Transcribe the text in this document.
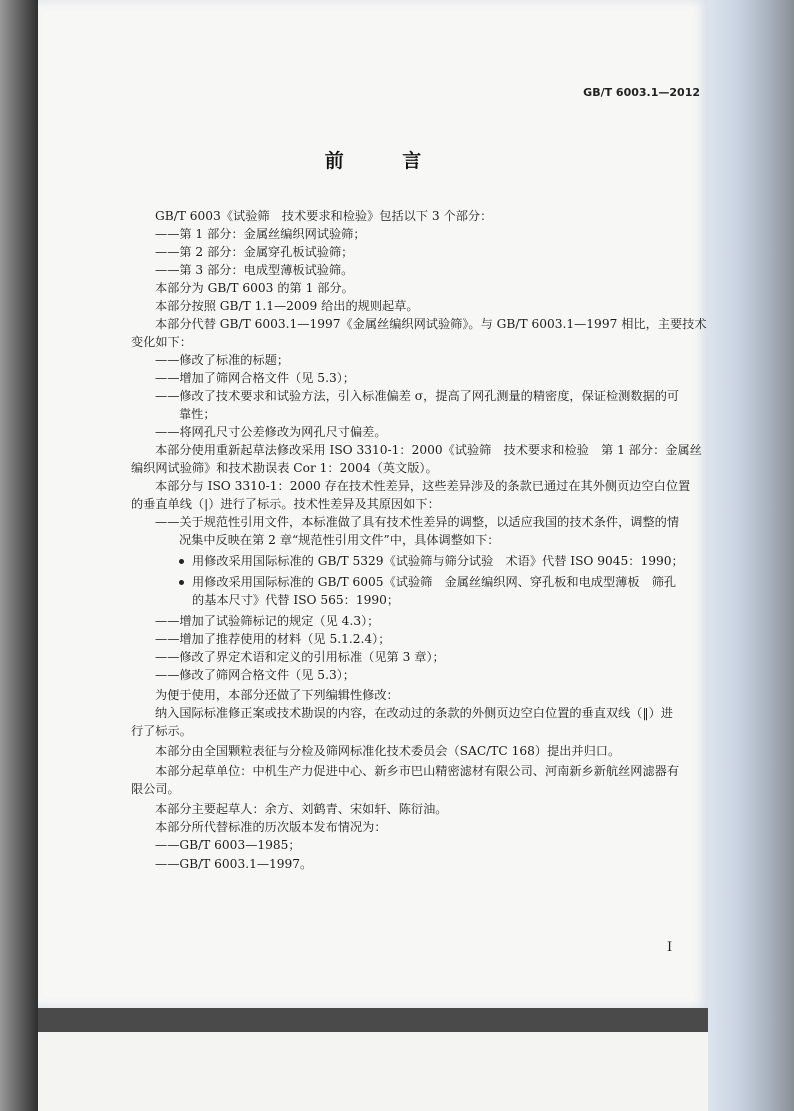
GB/T 6003.1—2012
前 言
GB/T 6003《试验筛　技术要求和检验》包括以下 3 个部分：
——第 1 部分：金属丝编织网试验筛；
——第 2 部分：金属穿孔板试验筛；
——第 3 部分：电成型薄板试验筛。
本部分为 GB/T 6003 的第 1 部分。
本部分按照 GB/T 1.1—2009 给出的规则起草。
本部分代替 GB/T 6003.1—1997《金属丝编织网试验筛》。与 GB/T 6003.1—1997 相比，主要技术
变化如下：
——修改了标准的标题；
——增加了筛网合格文件（见 5.3）；
——修改了技术要求和试验方法，引入标准偏差 σ，提高了网孔测量的精密度，保证检测数据的可
靠性；
——将网孔尺寸公差修改为网孔尺寸偏差。
本部分使用重新起草法修改采用 ISO 3310-1：2000《试验筛　技术要求和检验　第 1 部分：金属丝
编织网试验筛》和技术勘误表 Cor 1：2004（英文版）。
本部分与 ISO 3310-1：2000 存在技术性差异，这些差异涉及的条款已通过在其外侧页边空白位置
的垂直单线（|）进行了标示。技术性差异及其原因如下：
——关于规范性引用文件，本标准做了具有技术性差异的调整，以适应我国的技术条件，调整的情
况集中反映在第 2 章“规范性引用文件”中，具体调整如下：
用修改采用国际标准的 GB/T 5329《试验筛与筛分试验　术语》代替 ISO 9045：1990；
用修改采用国际标准的 GB/T 6005《试验筛　金属丝编织网、穿孔板和电成型薄板　筛孔
的基本尺寸》代替 ISO 565：1990；
——增加了试验筛标记的规定（见 4.3）；
——增加了推荐使用的材料（见 5.1.2.4）；
——修改了界定术语和定义的引用标准（见第 3 章）；
——修改了筛网合格文件（见 5.3）；
为便于使用，本部分还做了下列编辑性修改：
纳入国际标准修正案或技术勘误的内容，在改动过的条款的外侧页边空白位置的垂直双线（‖）进
行了标示。
本部分由全国颗粒表征与分检及筛网标准化技术委员会（SAC/TC 168）提出并归口。
本部分起草单位：中机生产力促进中心、新乡市巴山精密滤材有限公司、河南新乡新航丝网滤器有
限公司。
本部分主要起草人：余方、刘鹤青、宋如轩、陈衍油。
本部分所代替标准的历次版本发布情况为：
——GB/T 6003—1985；
——GB/T 6003.1—1997。
I
